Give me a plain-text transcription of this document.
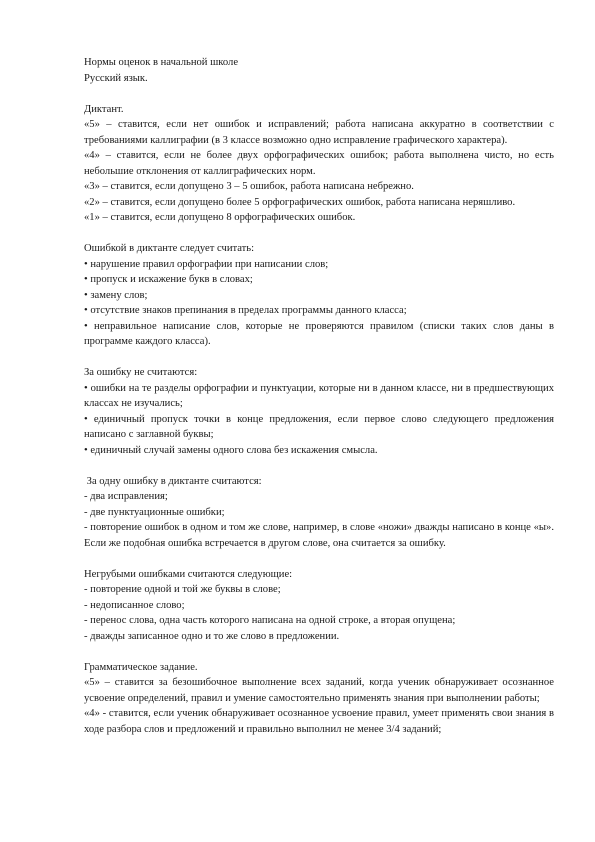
Нормы оценок в начальной школе
Русский язык.
Диктант.
«5» – ставится, если нет ошибок и исправлений; работа написана аккуратно в соответствии с требованиями каллиграфии (в 3 классе возможно одно исправление графического характера).
«4» – ставится, если не более двух орфографических ошибок; работа выполнена чисто, но есть небольшие отклонения от каллиграфических норм.
«3» – ставится, если допущено 3 – 5 ошибок, работа написана небрежно.
«2» – ставится, если допущено более 5 орфографических ошибок, работа написана неряшливо.
«1» – ставится, если допущено 8 орфографических ошибок.
Ошибкой в диктанте следует считать:
• нарушение правил орфографии при написании слов;
• пропуск и искажение букв в словах;
• замену слов;
• отсутствие знаков препинания в пределах программы данного класса;
• неправильное написание слов, которые не проверяются правилом (списки таких слов даны в программе каждого класса).
За ошибку не считаются:
• ошибки на те разделы орфографии и пунктуации, которые ни в данном классе, ни в предшествующих классах не изучались;
• единичный пропуск точки в конце предложения, если первое слово следующего предложения написано с заглавной буквы;
• единичный случай замены одного слова без искажения смысла.
За одну ошибку в диктанте считаются:
- два исправления;
- две пунктуационные ошибки;
- повторение ошибок в одном и том же слове, например, в слове «ножи» дважды написано в конце «ы». Если же подобная ошибка встречается в другом слове, она считается за ошибку.
Негрубыми ошибками считаются следующие:
- повторение одной и той же буквы в слове;
- недописанное слово;
- перенос слова, одна часть которого написана на одной строке, а вторая опущена;
- дважды записанное одно и то же слово в предложении.
Грамматическое задание.
«5» – ставится за безошибочное выполнение всех заданий, когда ученик обнаруживает осознанное усвоение определений, правил и умение самостоятельно применять знания при выполнении работы;
«4» - ставится, если ученик обнаруживает осознанное усвоение правил, умеет применять свои знания в ходе разбора слов и предложений и правильно выполнил не менее 3/4 заданий;
